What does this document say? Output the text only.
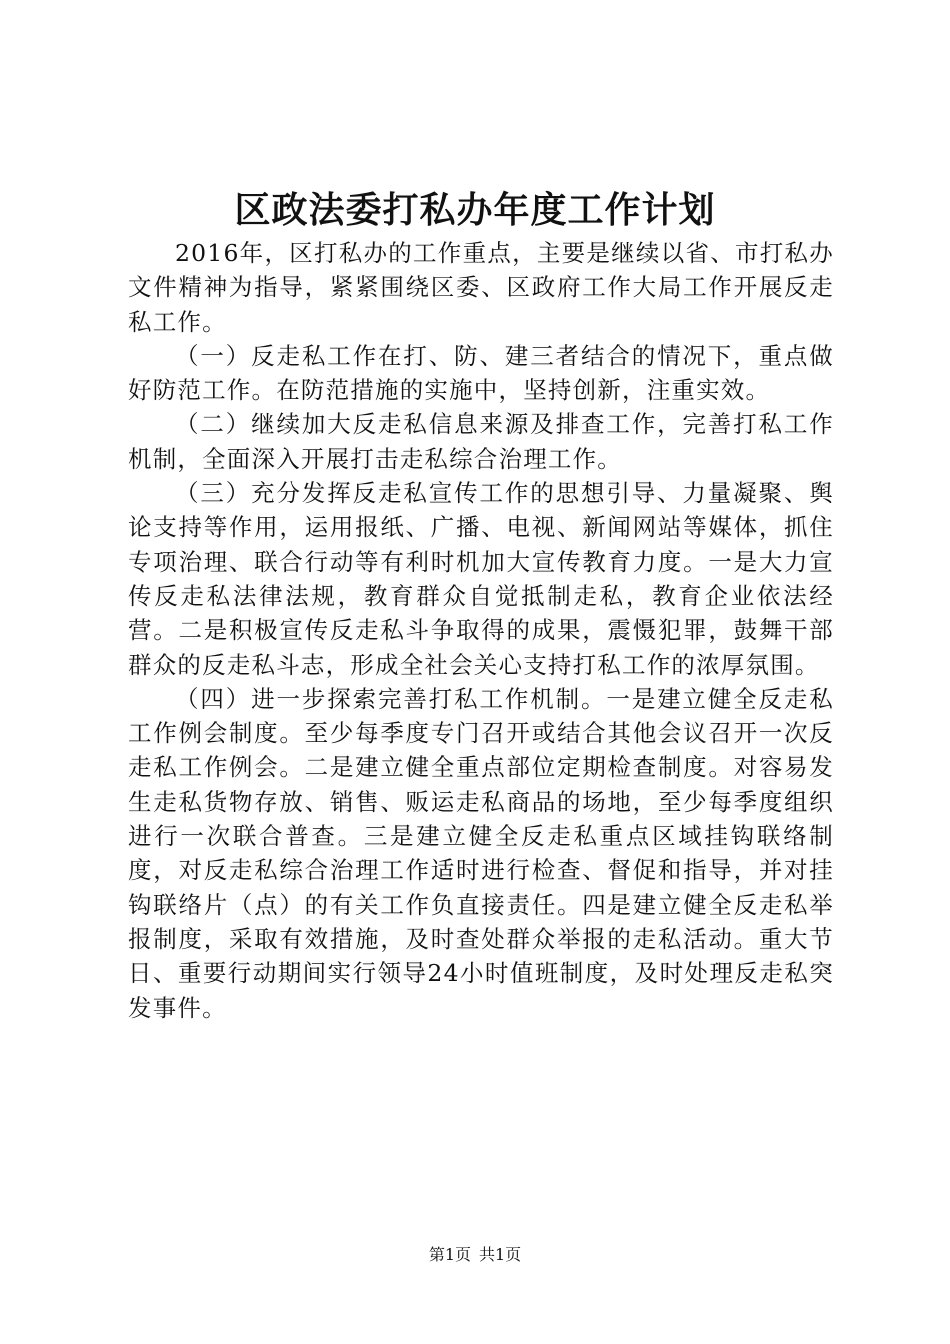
区政法委打私办年度工作计划

2016年，区打私办的工作重点，主要是继续以省、市打私办文件精神为指导，紧紧围绕区委、区政府工作大局工作开展反走私工作。

（一）反走私工作在打、防、建三者结合的情况下，重点做好防范工作。在防范措施的实施中，坚持创新，注重实效。

（二）继续加大反走私信息来源及排查工作，完善打私工作机制，全面深入开展打击走私综合治理工作。

（三）充分发挥反走私宣传工作的思想引导、力量凝聚、舆论支持等作用，运用报纸、广播、电视、新闻网站等媒体，抓住专项治理、联合行动等有利时机加大宣传教育力度。一是大力宣传反走私法律法规，教育群众自觉抵制走私，教育企业依法经营。二是积极宣传反走私斗争取得的成果，震慑犯罪，鼓舞干部群众的反走私斗志，形成全社会关心支持打私工作的浓厚氛围。

（四）进一步探索完善打私工作机制。一是建立健全反走私工作例会制度。至少每季度专门召开或结合其他会议召开一次反走私工作例会。二是建立健全重点部位定期检查制度。对容易发生走私货物存放、销售、贩运走私商品的场地，至少每季度组织进行一次联合普查。三是建立健全反走私重点区域挂钩联络制度，对反走私综合治理工作适时进行检查、督促和指导，并对挂钩联络片（点）的有关工作负直接责任。四是建立健全反走私举报制度，采取有效措施，及时查处群众举报的走私活动。重大节日、重要行动期间实行领导24小时值班制度，及时处理反走私突发事件。

第1页 共1页
